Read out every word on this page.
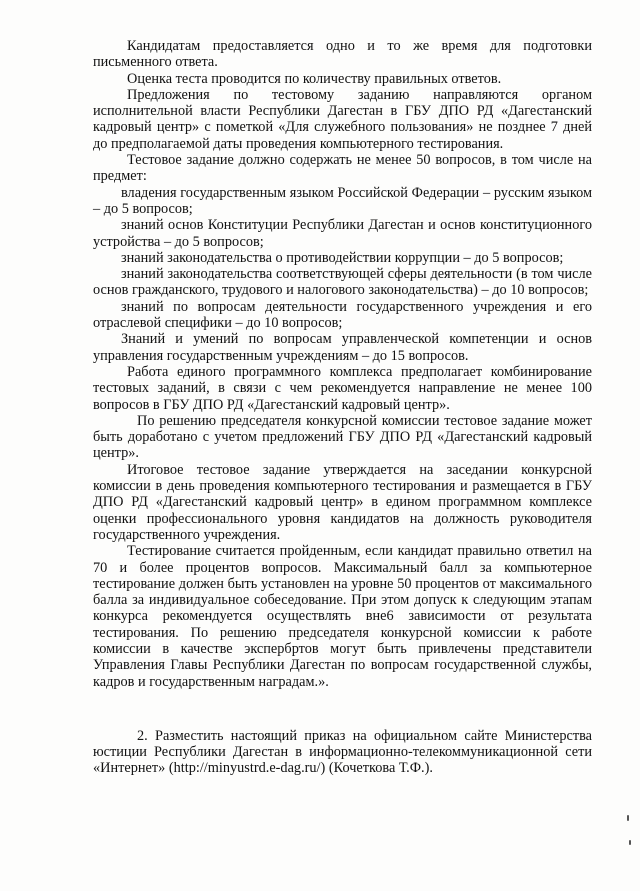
Кандидатам предоставляется одно и то же время для подготовки письменного ответа.

Оценка теста проводится по количеству правильных ответов.

Предложения по тестовому заданию направляются органом исполнительной власти Республики Дагестан в ГБУ ДПО РД «Дагестанский кадровый центр» с пометкой «Для служебного пользования» не позднее 7 дней до предполагаемой даты проведения компьютерного тестирования.

Тестовое задание должно содержать не менее 50 вопросов, в том числе на предмет:

владения государственным языком Российской Федерации – русским языком – до 5 вопросов;

знаний основ Конституции Республики Дагестан и основ конституционного устройства – до 5 вопросов;

знаний законодательства о противодействии коррупции – до 5 вопросов;

знаний законодательства соответствующей сферы деятельности (в том числе основ гражданского, трудового и налогового законодательства) – до 10 вопросов;

знаний по вопросам деятельности государственного учреждения и его отраслевой специфики – до 10 вопросов;

Знаний и умений по вопросам управленческой компетенции и основ управления государственным учреждениям – до 15 вопросов.

Работа единого программного комплекса предполагает комбинирование тестовых заданий, в связи с чем рекомендуется направление не менее 100 вопросов в ГБУ ДПО РД «Дагестанский кадровый центр».

По решению председателя конкурсной комиссии тестовое задание может быть доработано с учетом предложений ГБУ ДПО РД «Дагестанский кадровый центр».

Итоговое тестовое задание утверждается на заседании конкурсной комиссии в день проведения компьютерного тестирования и размещается в ГБУ ДПО РД «Дагестанский кадровый центр» в едином программном комплексе оценки профессионального уровня кандидатов на должность руководителя государственного учреждения.

Тестирование считается пройденным, если кандидат правильно ответил на 70 и более процентов вопросов. Максимальный балл за компьютерное тестирование должен быть установлен на уровне 50 процентов от максимального балла за индивидуальное собеседование. При этом допуск к следующим этапам конкурса рекомендуется осуществлять вне6 зависимости от результата тестирования. По решению председателя конкурсной комиссии к работе комиссии в качестве экспербртов могут быть привлечены представители Управления Главы Республики Дагестан по вопросам государственной службы, кадров и государственным наградам.».

2. Разместить настоящий приказ на официальном сайте Министерства юстиции Республики Дагестан в информационно-телекоммуникационной сети «Интернет» (http://minyustrd.e-dag.ru/) (Кочеткова Т.Ф.).
